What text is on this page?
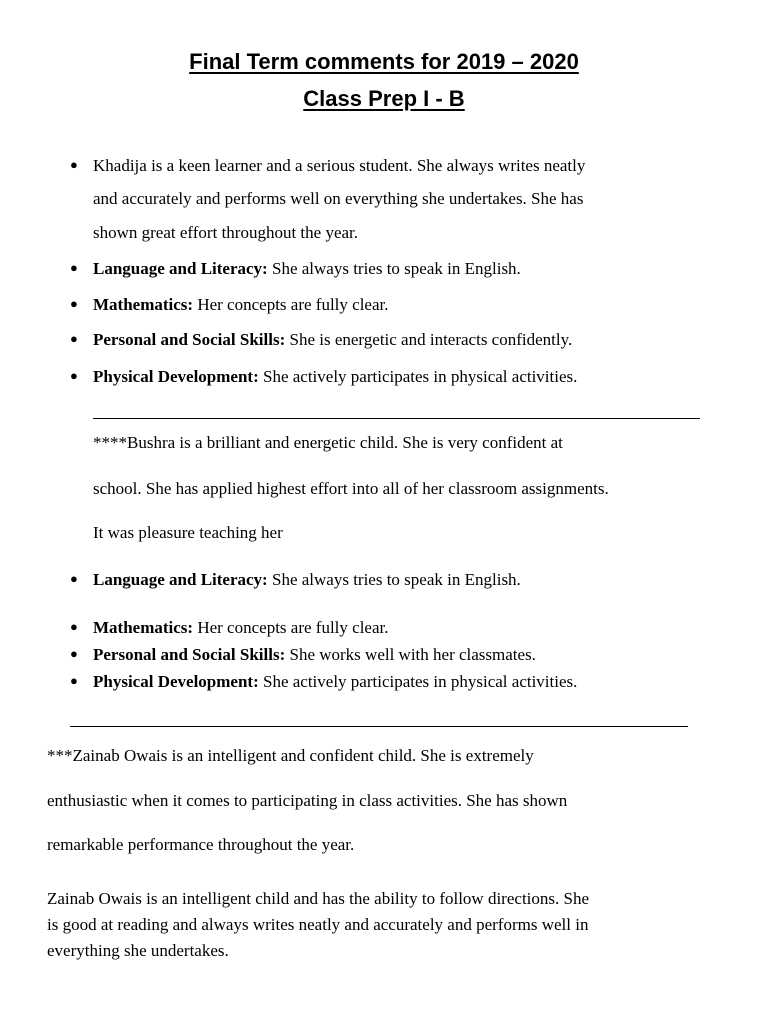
Final Term comments for 2019 – 2020
Class Prep I - B
● Khadija is a keen learner and a serious student. She always writes neatly
and accurately and performs well on everything she undertakes. She has
shown great effort throughout the year.
● Language and Literacy: She always tries to speak in English.
● Mathematics: Her concepts are fully clear.
● Personal and Social Skills: She is energetic and interacts confidently.
● Physical Development: She actively participates in physical activities.
****Bushra is a brilliant and energetic child. She is very confident at
school. She has applied highest effort into all of her classroom assignments.
It was pleasure teaching her
● Language and Literacy: She always tries to speak in English.
● Mathematics: Her concepts are fully clear.
● Personal and Social Skills: She works well with her classmates.
● Physical Development: She actively participates in physical activities.
***Zainab Owais is an intelligent and confident child. She is extremely
enthusiastic when it comes to participating in class activities. She has shown
remarkable performance throughout the year.
Zainab Owais is an intelligent child and has the ability to follow directions. She
is good at reading and always writes neatly and accurately and performs well in
everything she undertakes.
